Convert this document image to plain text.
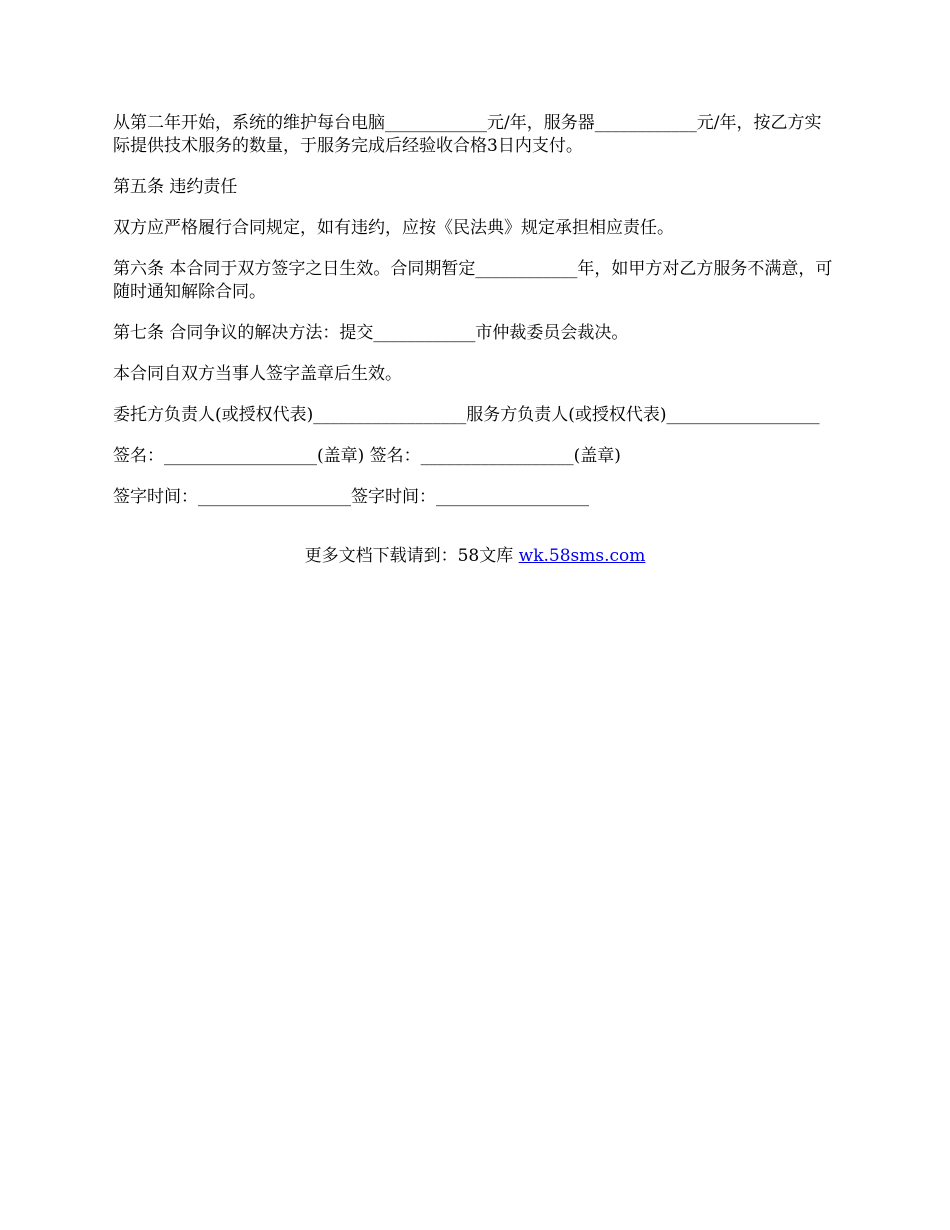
从第二年开始，系统的维护每台电脑____________元/年，服务器____________元/年，按乙方实际提供技术服务的数量，于服务完成后经验收合格3日内支付。

第五条 违约责任

双方应严格履行合同规定，如有违约，应按《民法典》规定承担相应责任。

第六条 本合同于双方签字之日生效。合同期暂定____________年，如甲方对乙方服务不满意，可随时通知解除合同。

第七条 合同争议的解决方法：提交____________市仲裁委员会裁决。

本合同自双方当事人签字盖章后生效。

委托方负责人(或授权代表)__________________服务方负责人(或授权代表)__________________

签名：__________________(盖章) 签名：__________________(盖章)

签字时间：__________________签字时间：__________________

更多文档下载请到：58文库 wk.58sms.com
